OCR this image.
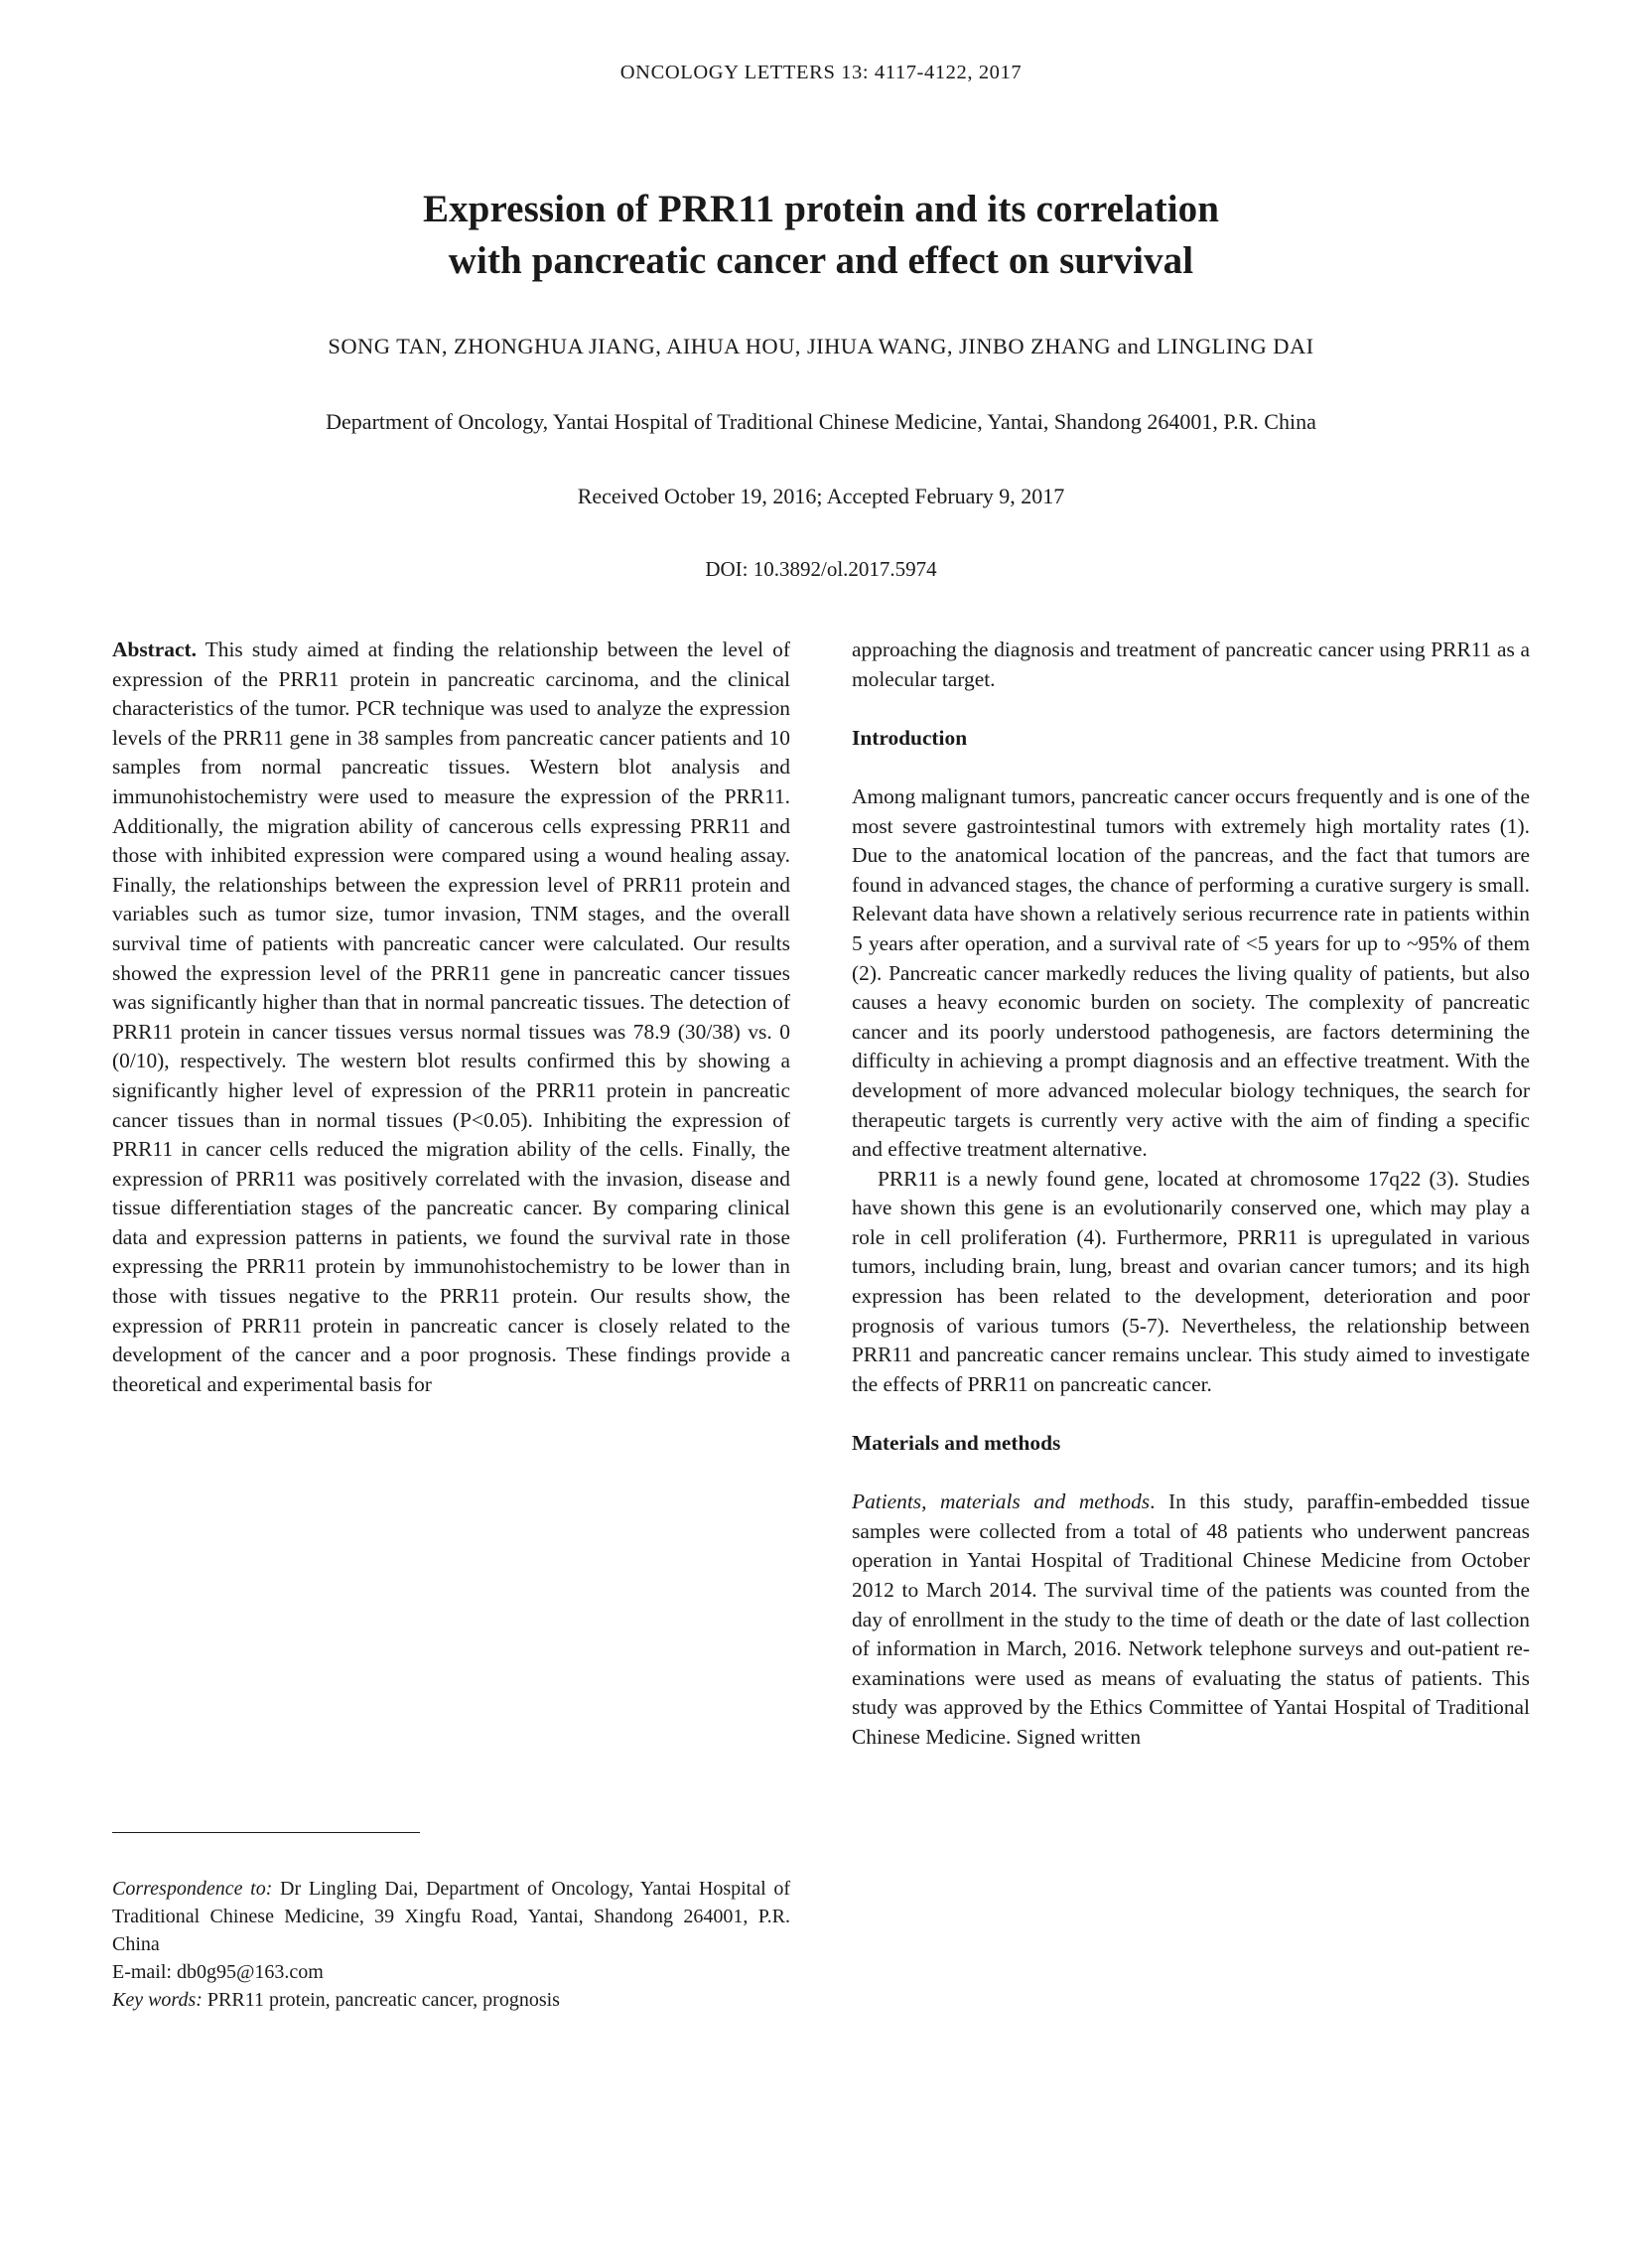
ONCOLOGY LETTERS 13: 4117-4122, 2017
Expression of PRR11 protein and its correlation
with pancreatic cancer and effect on survival
SONG TAN, ZHONGHUA JIANG, AIHUA HOU, JIHUA WANG, JINBO ZHANG and LINGLING DAI
Department of Oncology, Yantai Hospital of Traditional Chinese Medicine, Yantai, Shandong 264001, P.R. China
Received October 19, 2016; Accepted February 9, 2017
DOI: 10.3892/ol.2017.5974

Abstract. This study aimed at finding the relationship between the level of expression of the PRR11 protein in pancreatic carcinoma, and the clinical characteristics of the tumor. PCR technique was used to analyze the expression levels of the PRR11 gene in 38 samples from pancreatic cancer patients and 10 samples from normal pancreatic tissues. Western blot analysis and immunohistochemistry were used to measure the expression of the PRR11. Additionally, the migration ability of cancerous cells expressing PRR11 and those with inhibited expression were compared using a wound healing assay. Finally, the relationships between the expression level of PRR11 protein and variables such as tumor size, tumor invasion, TNM stages, and the overall survival time of patients with pancreatic cancer were calculated. Our results showed the expression level of the PRR11 gene in pancreatic cancer tissues was significantly higher than that in normal pancreatic tissues. The detection of PRR11 protein in cancer tissues versus normal tissues was 78.9 (30/38) vs. 0 (0/10), respectively. The western blot results confirmed this by showing a significantly higher level of expression of the PRR11 protein in pancreatic cancer tissues than in normal tissues (P<0.05). Inhibiting the expression of PRR11 in cancer cells reduced the migration ability of the cells. Finally, the expression of PRR11 was positively correlated with the invasion, disease and tissue differentiation stages of the pancreatic cancer. By comparing clinical data and expression patterns in patients, we found the survival rate in those expressing the PRR11 protein by immunohistochemistry to be lower than in those with tissues negative to the PRR11 protein. Our results show, the expression of PRR11 protein in pancreatic cancer is closely related to the development of the cancer and a poor prognosis. These findings provide a theoretical and experimental basis for

approaching the diagnosis and treatment of pancreatic cancer using PRR11 as a molecular target.

Introduction

Among malignant tumors, pancreatic cancer occurs frequently and is one of the most severe gastrointestinal tumors with extremely high mortality rates (1). Due to the anatomical location of the pancreas, and the fact that tumors are found in advanced stages, the chance of performing a curative surgery is small. Relevant data have shown a relatively serious recurrence rate in patients within 5 years after operation, and a survival rate of <5 years for up to ~95% of them (2). Pancreatic cancer markedly reduces the living quality of patients, but also causes a heavy economic burden on society. The complexity of pancreatic cancer and its poorly understood pathogenesis, are factors determining the difficulty in achieving a prompt diagnosis and an effective treatment. With the development of more advanced molecular biology techniques, the search for therapeutic targets is currently very active with the aim of finding a specific and effective treatment alternative.

PRR11 is a newly found gene, located at chromosome 17q22 (3). Studies have shown this gene is an evolutionarily conserved one, which may play a role in cell proliferation (4). Furthermore, PRR11 is upregulated in various tumors, including brain, lung, breast and ovarian cancer tumors; and its high expression has been related to the development, deterioration and poor prognosis of various tumors (5-7). Nevertheless, the relationship between PRR11 and pancreatic cancer remains unclear. This study aimed to investigate the effects of PRR11 on pancreatic cancer.

Materials and methods

Patients, materials and methods. In this study, paraffin-embedded tissue samples were collected from a total of 48 patients who underwent pancreas operation in Yantai Hospital of Traditional Chinese Medicine from October 2012 to March 2014. The survival time of the patients was counted from the day of enrollment in the study to the time of death or the date of last collection of information in March, 2016. Network telephone surveys and out-patient re-examinations were used as means of evaluating the status of patients. This study was approved by the Ethics Committee of Yantai Hospital of Traditional Chinese Medicine. Signed written

Correspondence to: Dr Lingling Dai, Department of Oncology, Yantai Hospital of Traditional Chinese Medicine, 39 Xingfu Road, Yantai, Shandong 264001, P.R. China

E-mail: db0g95@163.com

Key words: PRR11 protein, pancreatic cancer, prognosis
